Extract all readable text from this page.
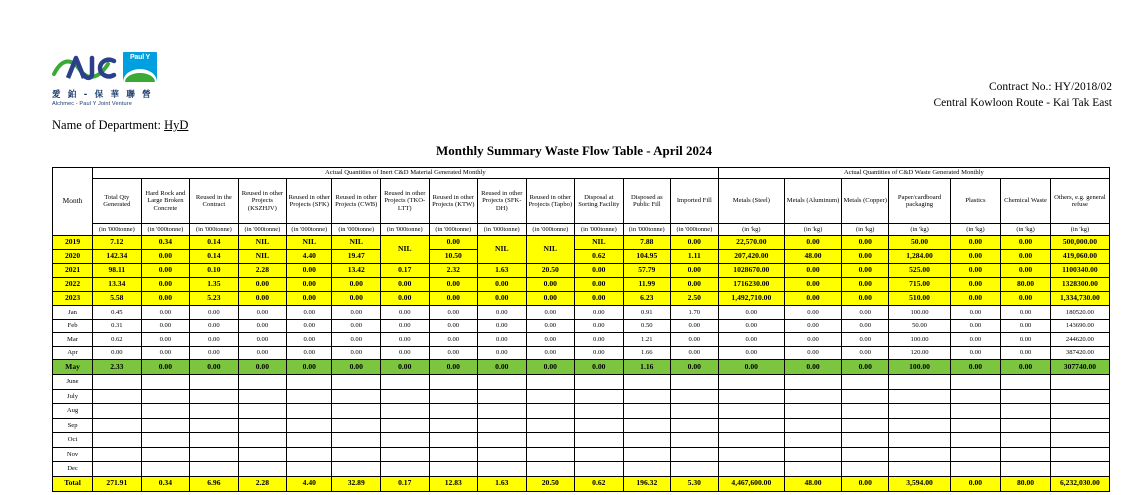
Paul Y
愛 鉑 - 保 華 聯 營
Alchmec - Paul Y Joint Venture
Contract No.: HY/2018/02
Central Kowloon Route - Kai Tak East
Name of Department: HyD
Monthly Summary Waste Flow Table - April 2024
Month	Actual Quantities of Inert C&D Material Generated Monthly													Actual Quantities of C&D Waste Generated Monthly						
	Total Qty Generated	Hard Rock and Large Broken Concrete	Reused in the Contract	Reused in other Projects (KSZHJV)	Reused in other Projects (SFK)	Reused in other Projects (CWB)	Reused in other Projects (TKO-LTT)	Reused in other Projects (KTW)	Reused in other Projects (SFK-DH)	Reused in other Projects (Tapbo)	Disposal at Sorting Facility	Disposed as Public Fill	Imported Fill	Metals (Steel)	Metals (Aluminum)	Metals (Copper)	Paper/cardboard packaging	Plastics	Chemical Waste	Others, e.g. general refuse
	(in '000tonne)	(in '000tonne)	(in '000tonne)	(in '000tonne)	(in '000tonne)	(in '000tonne)	(in '000tonne)	(in '000tonne)	(in '000tonne)	(in '000tonne)	(in '000tonne)	(in '000tonne)	(in '000tonne)	(in 'kg)	(in 'kg)	(in 'kg)	(in 'kg)	(in 'kg)	(in 'kg)	(in 'kg)
2019	7.12	0.34	0.14	NIL	NIL	NIL	NIL	0.00	NIL	NIL	NIL	7.88	0.00	22,570.00	0.00	0.00	50.00	0.00	0.00	500,000.00
2020	142.34	0.00	0.14	NIL	4.40	19.47		10.50			0.62	104.95	1.11	207,420.00	48.00	0.00	1,284.00	0.00	0.00	419,060.00
2021	98.11	0.00	0.10	2.28	0.00	13.42	0.17	2.32	1.63	20.50	0.00	57.79	0.00	1028670.00	0.00	0.00	525.00	0.00	0.00	1100340.00
2022	13.34	0.00	1.35	0.00	0.00	0.00	0.00	0.00	0.00	0.00	0.00	11.99	0.00	1716230.00	0.00	0.00	715.00	0.00	80.00	1328300.00
2023	5.58	0.00	5.23	0.00	0.00	0.00	0.00	0.00	0.00	0.00	0.00	6.23	2.50	1,492,710.00	0.00	0.00	510.00	0.00	0.00	1,334,730.00
Jan	0.45	0.00	0.00	0.00	0.00	0.00	0.00	0.00	0.00	0.00	0.00	0.91	1.70	0.00	0.00	0.00	100.00	0.00	0.00	180520.00
Feb	0.31	0.00	0.00	0.00	0.00	0.00	0.00	0.00	0.00	0.00	0.00	0.50	0.00	0.00	0.00	0.00	50.00	0.00	0.00	143690.00
Mar	0.62	0.00	0.00	0.00	0.00	0.00	0.00	0.00	0.00	0.00	0.00	1.21	0.00	0.00	0.00	0.00	100.00	0.00	0.00	244620.00
Apr	0.00	0.00	0.00	0.00	0.00	0.00	0.00	0.00	0.00	0.00	0.00	1.66	0.00	0.00	0.00	0.00	120.00	0.00	0.00	387420.00
May	2.33	0.00	0.00	0.00	0.00	0.00	0.00	0.00	0.00	0.00	0.00	1.16	0.00	0.00	0.00	0.00	100.00	0.00	0.00	307740.00
June																				
July																				
Aug																				
Sep																				
Oct																				
Nov																				
Dec																				
Total	271.91	0.34	6.96	2.28	4.40	32.89	0.17	12.83	1.63	20.50	0.62	196.32	5.30	4,467,600.00	48.00	0.00	3,594.00	0.00	80.00	6,232,030.00
